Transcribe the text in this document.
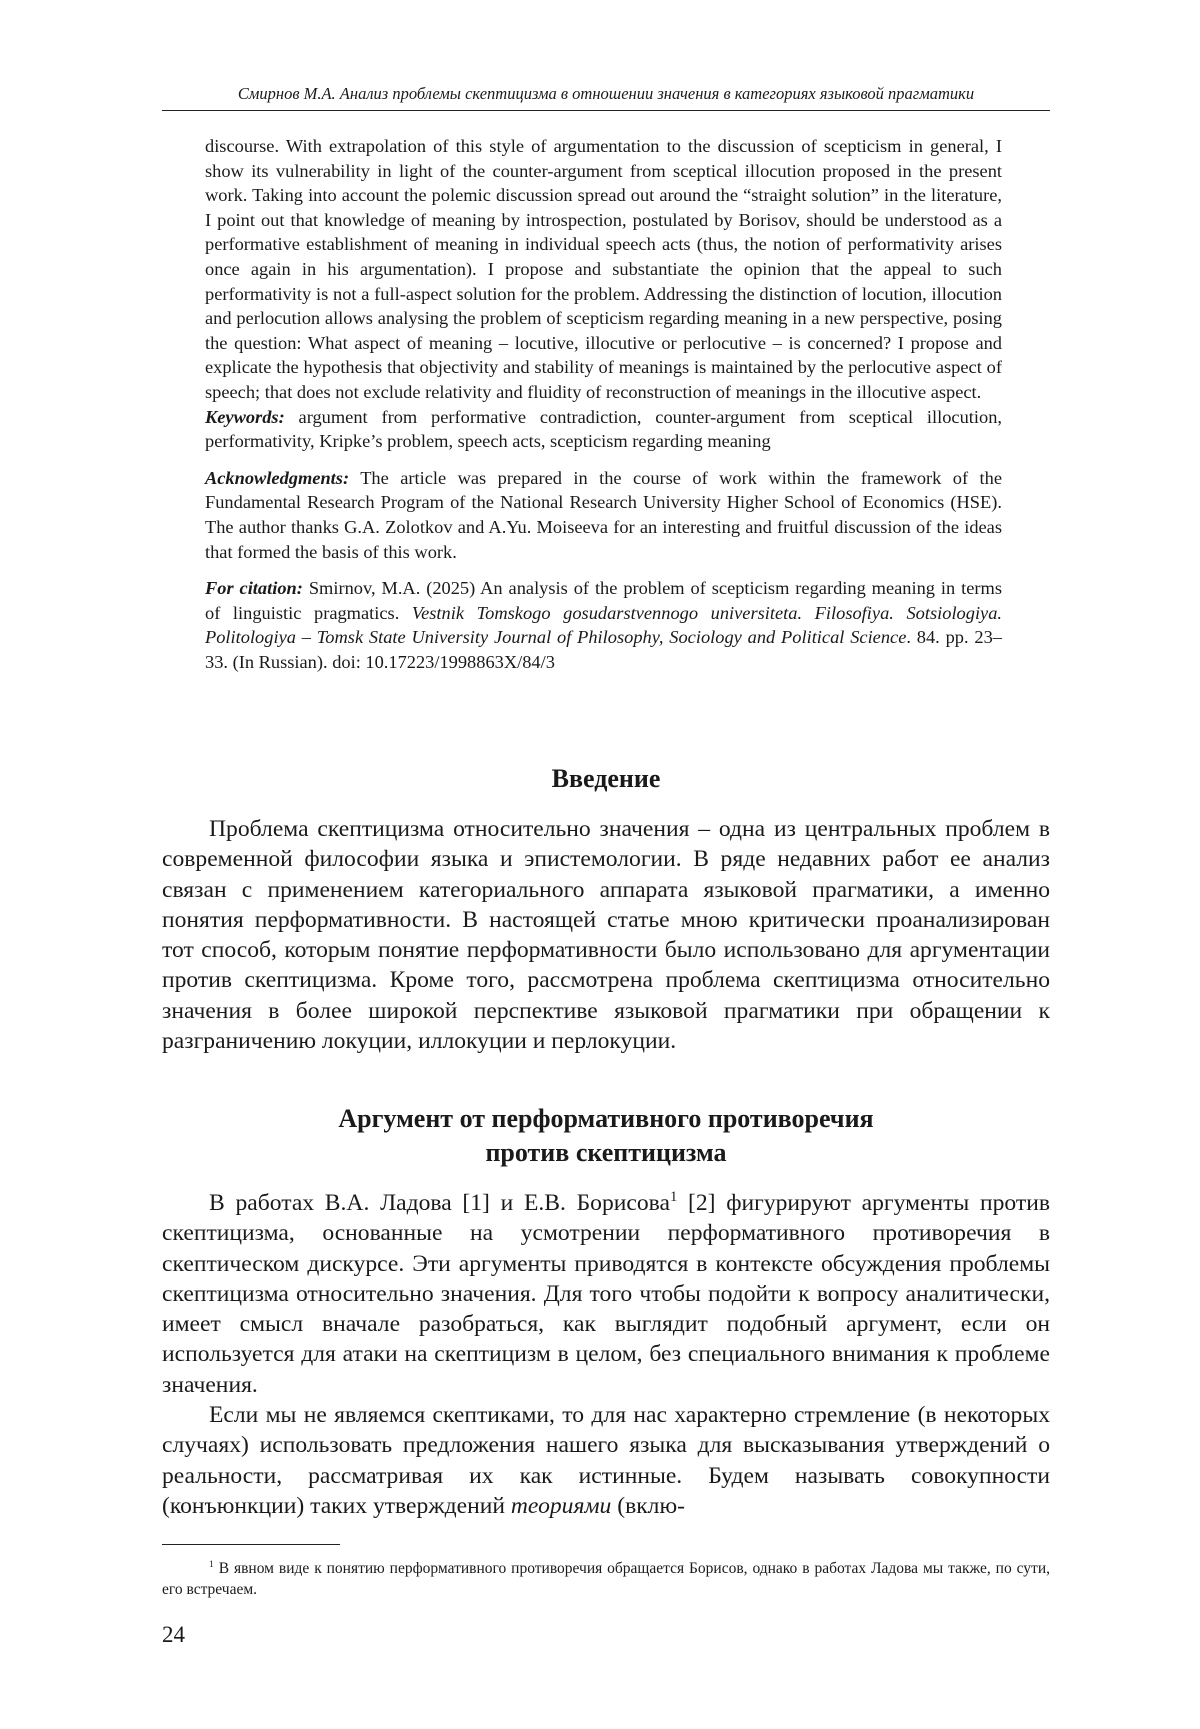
Смирнов М.А. Анализ проблемы скептицизма в отношении значения в категориях языковой прагматики

discourse. With extrapolation of this style of argumentation to the discussion of scepticism in general, I show its vulnerability in light of the counter-argument from sceptical illocution proposed in the present work. Taking into account the polemic discussion spread out around the “straight solution” in the literature, I point out that knowledge of meaning by introspection, postulated by Borisov, should be understood as a performative establishment of meaning in individual speech acts (thus, the notion of performativity arises once again in his argumentation). I propose and substantiate the opinion that the appeal to such performativity is not a full-aspect solution for the problem. Addressing the distinction of locution, illocution and perlocution allows analysing the problem of scepticism regarding meaning in a new perspective, posing the question: What aspect of meaning – locutive, illocutive or perlocutive – is concerned? I propose and explicate the hypothesis that objectivity and stability of meanings is maintained by the perlocutive aspect of speech; that does not exclude relativity and fluidity of reconstruction of meanings in the illocutive aspect.

Keywords: argument from performative contradiction, counter-argument from sceptical illocution, performativity, Kripke’s problem, speech acts, scepticism regarding meaning

Acknowledgments: The article was prepared in the course of work within the framework of the Fundamental Research Program of the National Research University Higher School of Economics (HSE). The author thanks G.A. Zolotkov and A.Yu. Moiseeva for an interesting and fruitful discussion of the ideas that formed the basis of this work.

For citation: Smirnov, M.A. (2025) An analysis of the problem of scepticism regarding meaning in terms of linguistic pragmatics. Vestnik Tomskogo gosudarstvennogo universiteta. Filosofiya. Sotsiologiya. Politologiya – Tomsk State University Journal of Philosophy, Sociology and Political Science. 84. pp. 23–33. (In Russian). doi: 10.17223/1998863X/84/3

Введение

Проблема скептицизма относительно значения – одна из центральных проблем в современной философии языка и эпистемологии. В ряде недавних работ ее анализ связан с применением категориального аппарата языковой прагматики, а именно понятия перформативности. В настоящей статье мною критически проанализирован тот способ, которым понятие перформативности было использовано для аргументации против скептицизма. Кроме того, рассмотрена проблема скептицизма относительно значения в более широкой перспективе языковой прагматики при обращении к разграничению локуции, иллокуции и перлокуции.

Аргумент от перформативного противоречия
против скептицизма

В работах В.А. Ладова [1] и Е.В. Борисова$^1$ [2] фигурируют аргументы против скептицизма, основанные на усмотрении перформативного противоречия в скептическом дискурсе. Эти аргументы приводятся в контексте обсуждения проблемы скептицизма относительно значения. Для того чтобы подойти к вопросу аналитически, имеет смысл вначале разобраться, как выглядит подобный аргумент, если он используется для атаки на скептицизм в целом, без специального внимания к проблеме значения.

Если мы не являемся скептиками, то для нас характерно стремление (в некоторых случаях) использовать предложения нашего языка для высказывания утверждений о реальности, рассматривая их как истинные. Будем называть совокупности (конъюнкции) таких утверждений теориями (вклю-

$^1$ В явном виде к понятию перформативного противоречия обращается Борисов, однако в работах Ладова мы также, по сути, его встречаем.
24
